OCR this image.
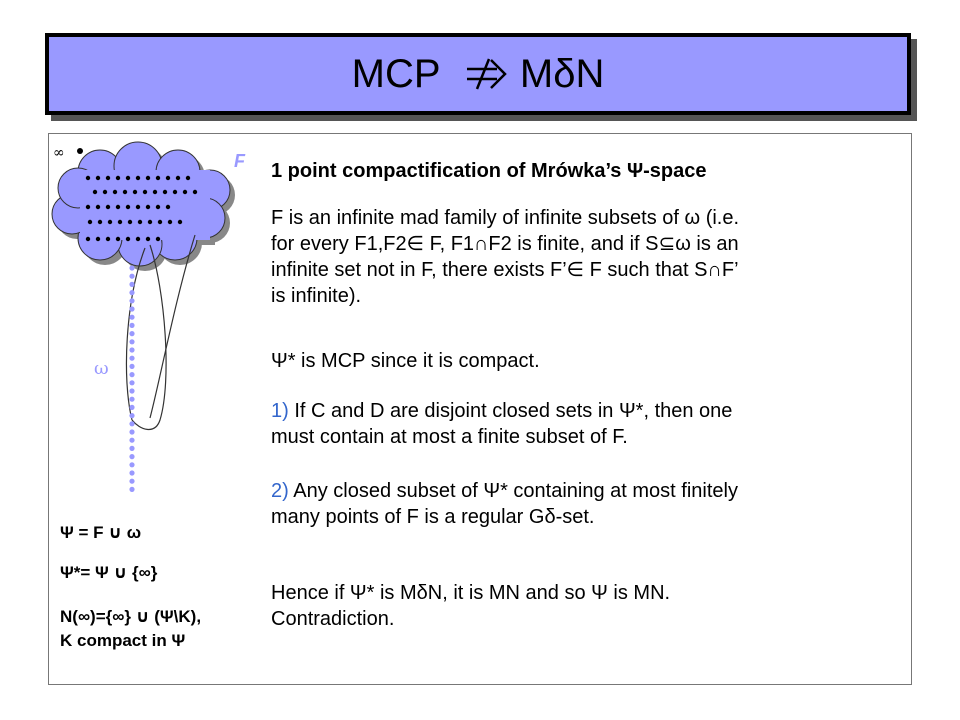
MCP

MδN
∞	F
ω
Ψ = F ∪ ω
Ψ*= Ψ ∪ {∞}
N(∞)={∞} ∪ (Ψ\K),
K compact in Ψ
1 point compactification of Mrówka’s Ψ-space
F is an infinite mad family of infinite subsets of ω (i.e.
for every F1,F2∈ F, F1∩F2 is finite, and if S⊆ω is an
infinite set not in F, there exists F’∈ F such that S∩F’
is infinite).
Ψ* is MCP since it is compact.
1) If C and D are disjoint closed sets in Ψ*, then one
must contain at most a finite subset of F.
2) Any closed subset of Ψ* containing at most finitely
many points of F is a regular Gδ-set.
Hence if Ψ* is MδN, it is MN and so Ψ is MN.
Contradiction.
